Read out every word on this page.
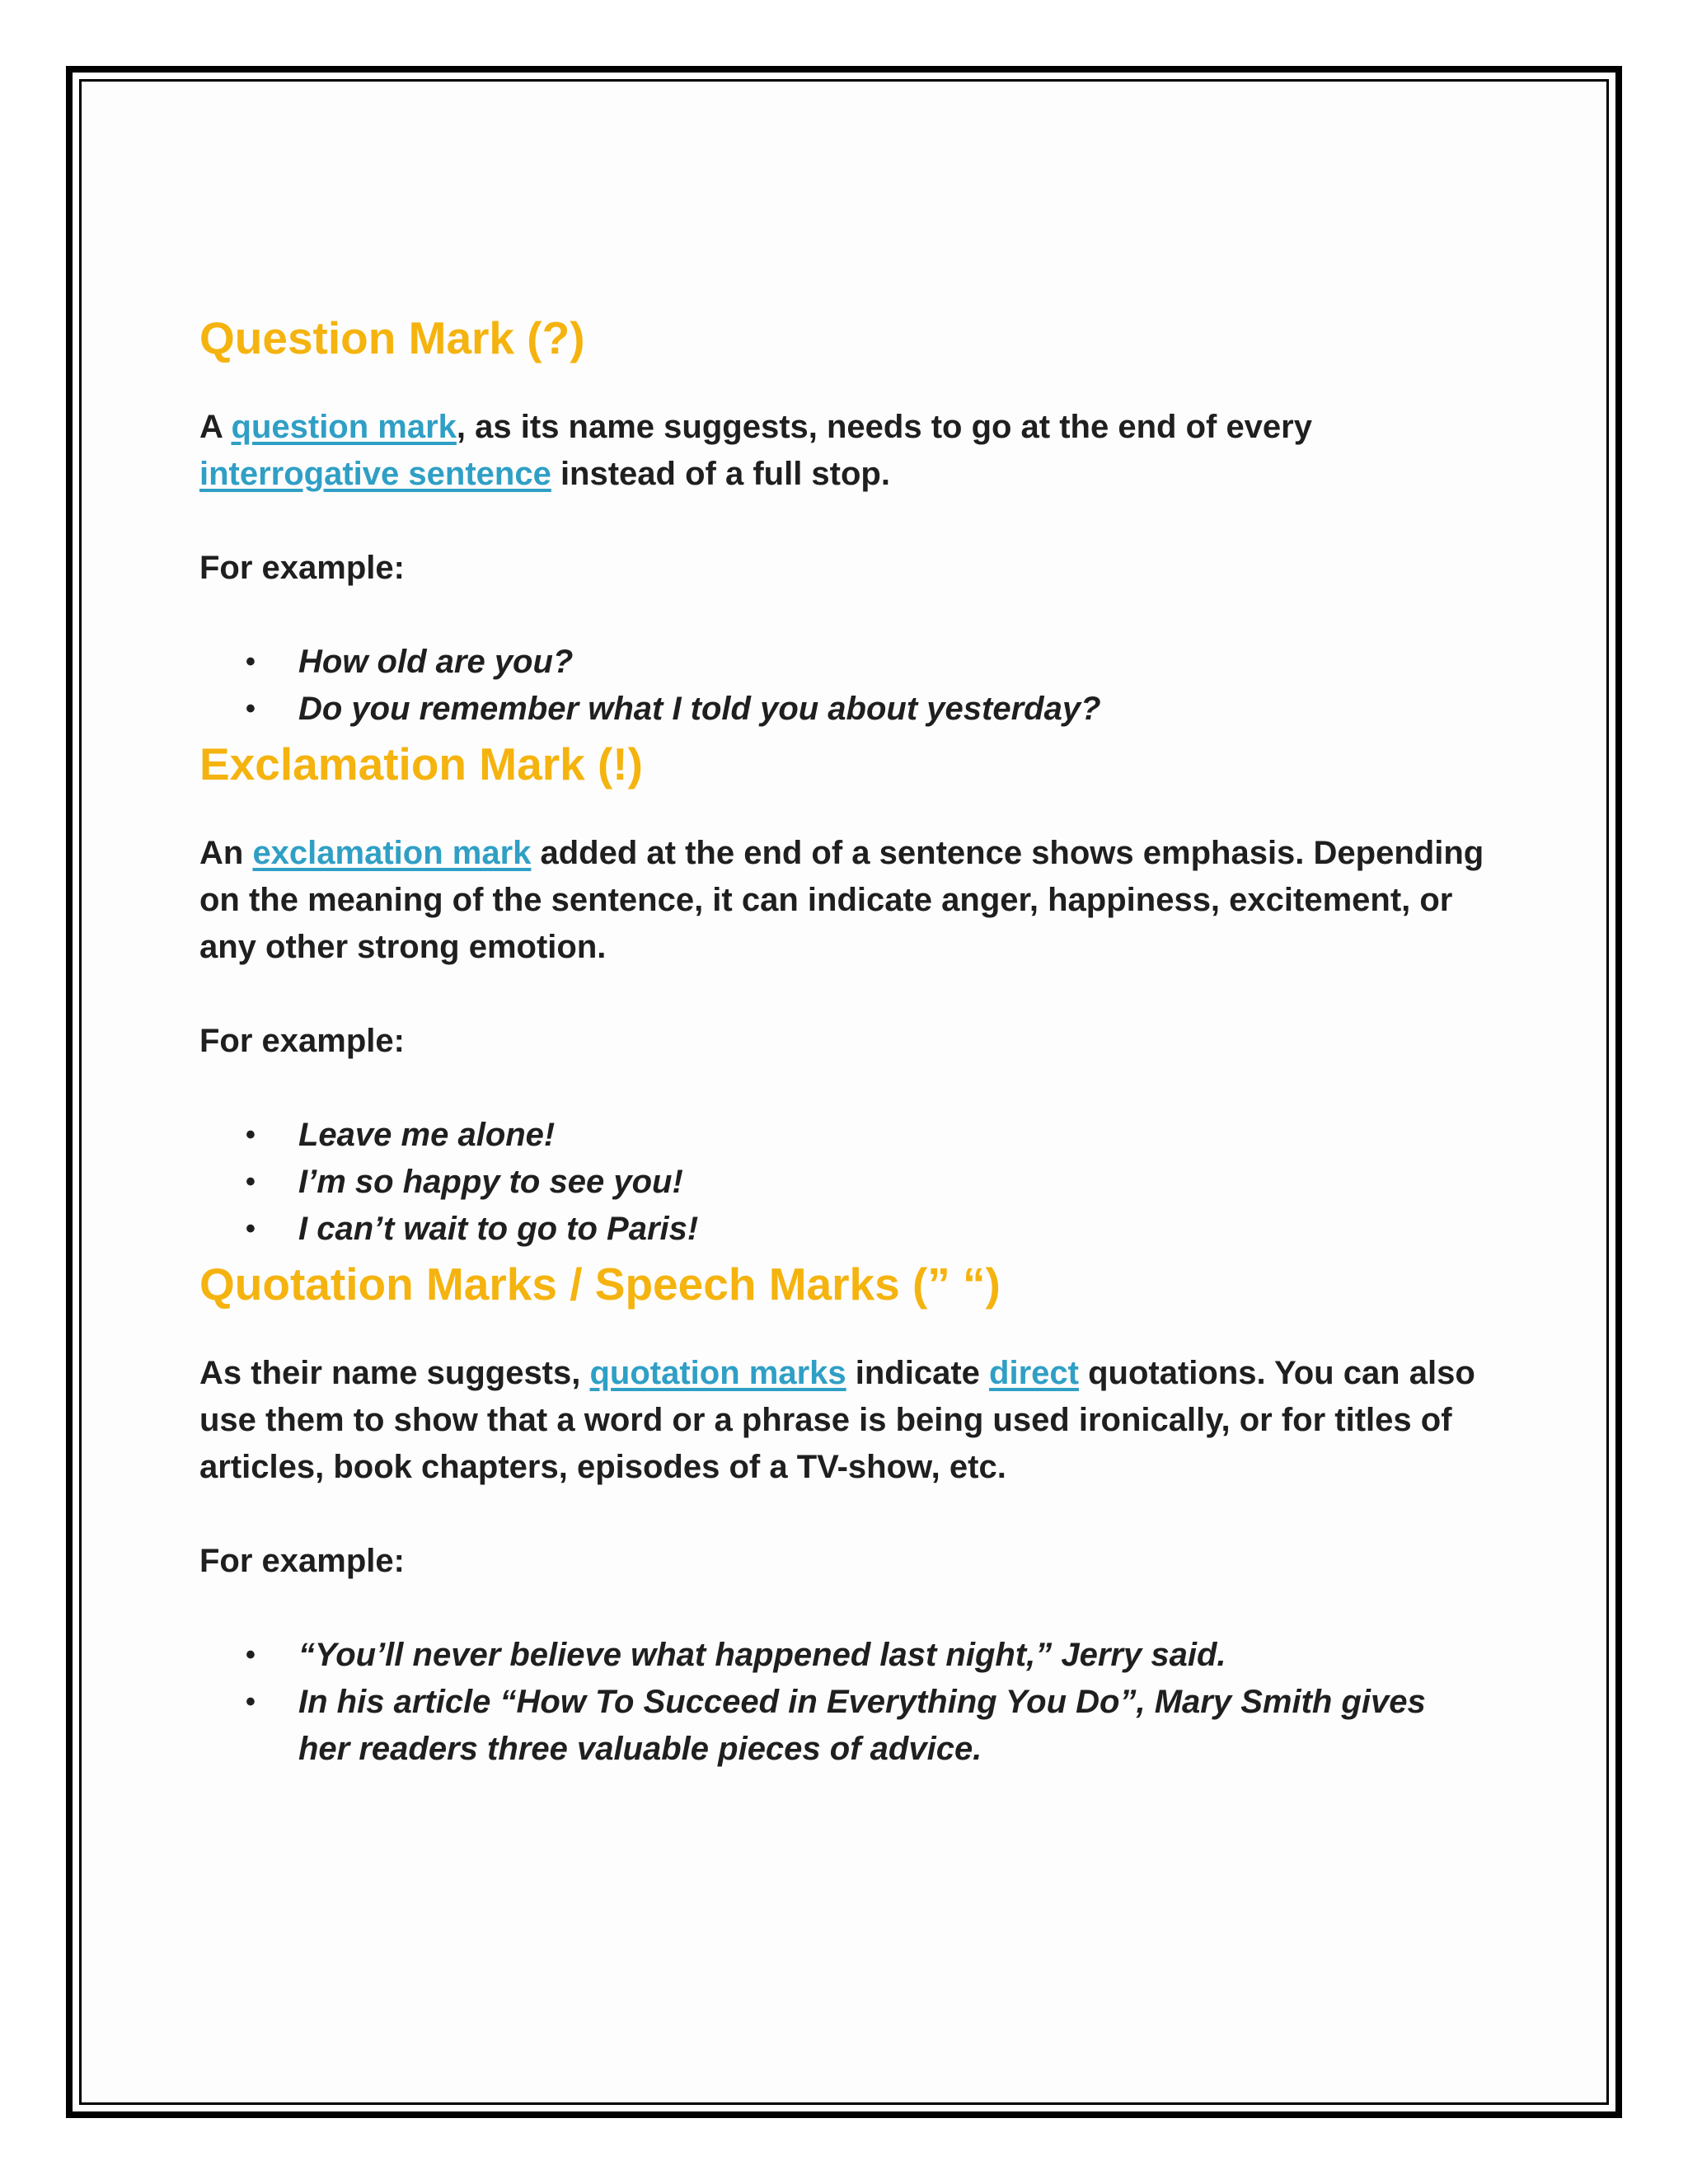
Question Mark (?)

A question mark, as its name suggests, needs to go at the end of every interrogative sentence instead of a full stop.

For example:

• How old are you?
• Do you remember what I told you about yesterday?
Exclamation Mark (!)

An exclamation mark added at the end of a sentence shows emphasis. Depending on the meaning of the sentence, it can indicate anger, happiness, excitement, or any other strong emotion.

For example:

• Leave me alone!
• I’m so happy to see you!
• I can’t wait to go to Paris!
Quotation Marks / Speech Marks (” “)

As their name suggests, quotation marks indicate direct quotations. You can also use them to show that a word or a phrase is being used ironically, or for titles of articles, book chapters, episodes of a TV-show, etc.

For example:

• “You’ll never believe what happened last night,” Jerry said.
• In his article “How To Succeed in Everything You Do”, Mary Smith gives her readers three valuable pieces of advice.
